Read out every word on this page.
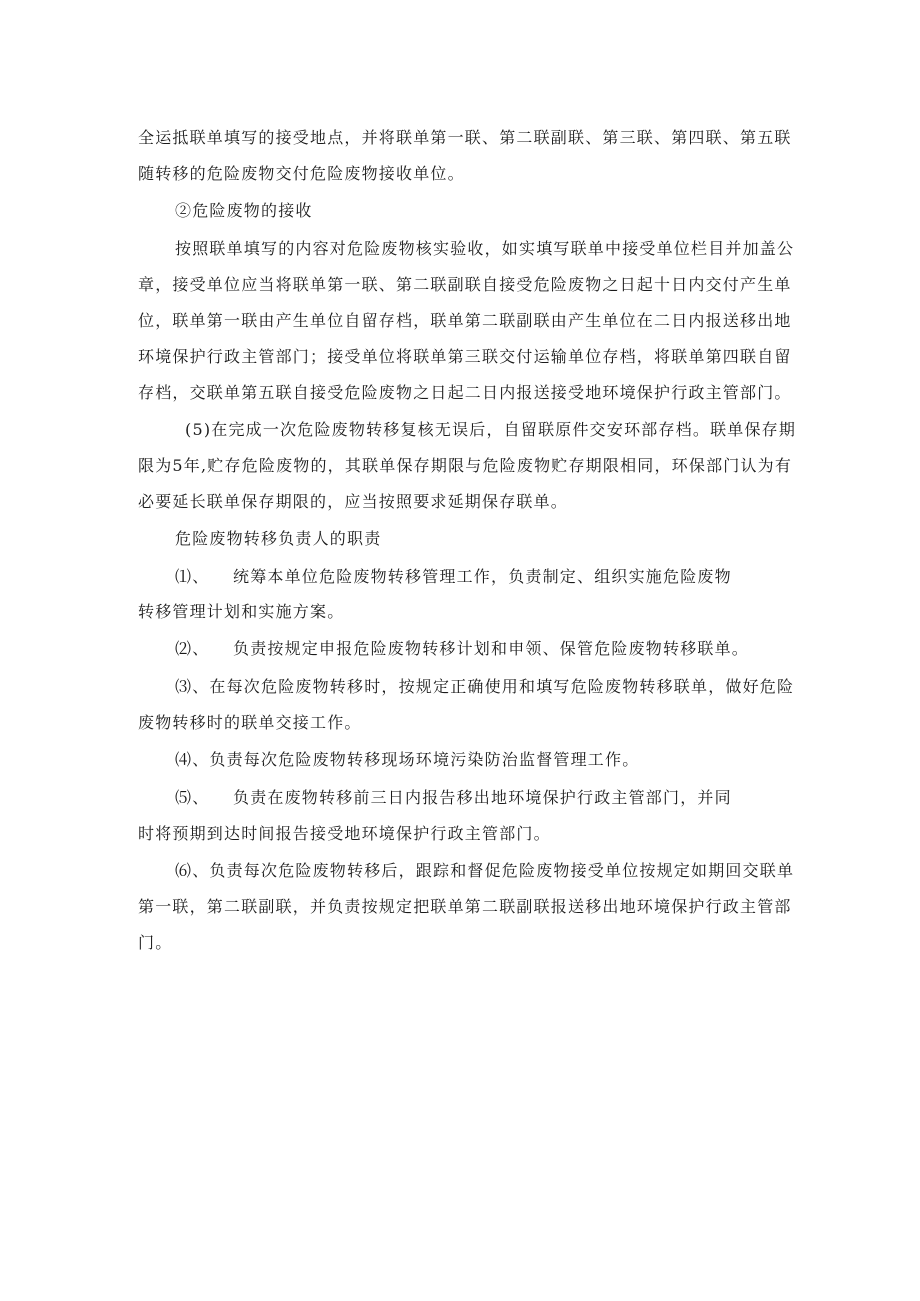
全运抵联单填写的接受地点，并将联单第一联、第二联副联、第三联、第四联、第五联
随转移的危险废物交付危险废物接收单位。
②危险废物的接收
按照联单填写的内容对危险废物核实验收，如实填写联单中接受单位栏目并加盖公
章，接受单位应当将联单第一联、第二联副联自接受危险废物之日起十日内交付产生单
位，联单第一联由产生单位自留存档，联单第二联副联由产生单位在二日内报送移出地
环境保护行政主管部门；接受单位将联单第三联交付运输单位存档，将联单第四联自留
存档，交联单第五联自接受危险废物之日起二日内报送接受地环境保护行政主管部门。
(5)在完成一次危险废物转移复核无误后，自留联原件交安环部存档。联单保存期
限为5年,贮存危险废物的，其联单保存期限与危险废物贮存期限相同，环保部门认为有
必要延长联单保存期限的，应当按照要求延期保存联单。
危险废物转移负责人的职责
⑴、 统筹本单位危险废物转移管理工作，负责制定、组织实施危险废物
转移管理计划和实施方案。
⑵、 负责按规定申报危险废物转移计划和申领、保管危险废物转移联单。
⑶、在每次危险废物转移时，按规定正确使用和填写危险废物转移联单，做好危险
废物转移时的联单交接工作。
⑷、负责每次危险废物转移现场环境污染防治监督管理工作。
⑸、 负责在废物转移前三日内报告移出地环境保护行政主管部门，并同
时将预期到达时间报告接受地环境保护行政主管部门。
⑹、负责每次危险废物转移后，跟踪和督促危险废物接受单位按规定如期回交联单
第一联，第二联副联，并负责按规定把联单第二联副联报送移出地环境保护行政主管部
门。
